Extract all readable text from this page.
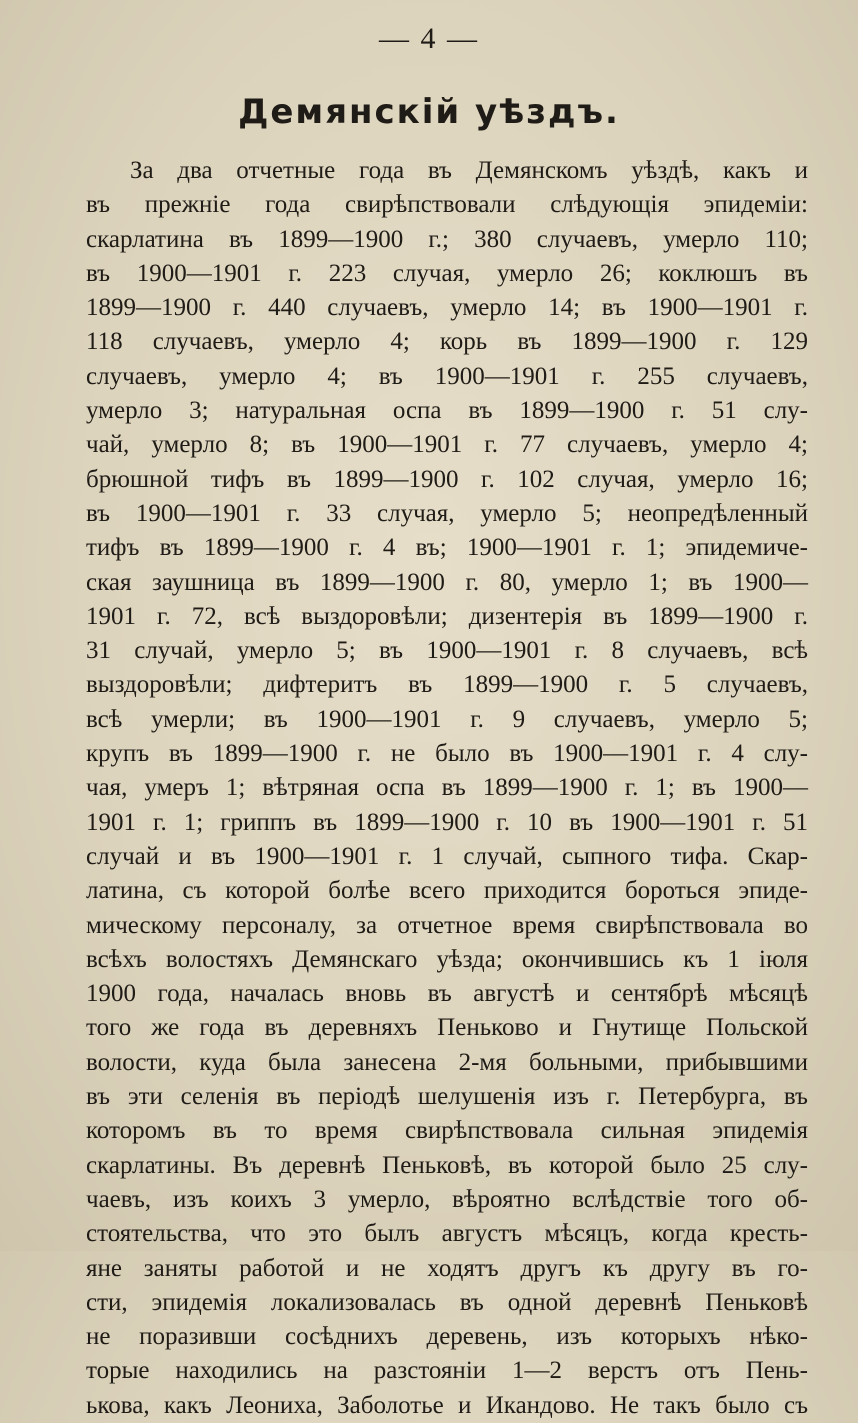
— 4 —
Демянскій уѣздъ.
За два отчетные года въ Демянскомъ уѣздѣ, какъ и
въ прежніе года свирѣпствовали слѣдующія эпидеміи:
скарлатина въ 1899—1900 г.; 380 случаевъ, умерло 110;
въ 1900—1901 г. 223 случая, умерло 26; коклюшъ въ
1899—1900 г. 440 случаевъ, умерло 14; въ 1900—1901 г.
118 случаевъ, умерло 4; корь въ 1899—1900 г. 129
случаевъ, умерло 4; въ 1900—1901 г. 255 случаевъ,
умерло 3; натуральная оспа въ 1899—1900 г. 51 слу-
чай, умерло 8; въ 1900—1901 г. 77 случаевъ, умерло 4;
брюшной тифъ въ 1899—1900 г. 102 случая, умерло 16;
въ 1900—1901 г. 33 случая, умерло 5; неопредѣленный
тифъ въ 1899—1900 г. 4 въ; 1900—1901 г. 1; эпидемиче-
ская заушница въ 1899—1900 г. 80, умерло 1; въ 1900—
1901 г. 72, всѣ выздоровѣли; дизентерія въ 1899—1900 г.
31 случай, умерло 5; въ 1900—1901 г. 8 случаевъ, всѣ
выздоровѣли; дифтеритъ въ 1899—1900 г. 5 случаевъ,
всѣ умерли; въ 1900—1901 г. 9 случаевъ, умерло 5;
крупъ въ 1899—1900 г. не было въ 1900—1901 г. 4 слу-
чая, умеръ 1; вѣтряная оспа въ 1899—1900 г. 1; въ 1900—
1901 г. 1; гриппъ въ 1899—1900 г. 10 въ 1900—1901 г. 51
случай и въ 1900—1901 г. 1 случай, сыпного тифа. Скар-
латина, съ которой болѣе всего приходится бороться эпиде-
мическому персоналу, за отчетное время свирѣпствовала во
всѣхъ волостяхъ Демянскаго уѣзда; окончившись къ 1 іюля
1900 года, началась вновь въ августѣ и сентябрѣ мѣсяцѣ
того же года въ деревняхъ Пеньково и Гнутище Польской
волости, куда была занесена 2-мя больными, прибывшими
въ эти селенія въ періодѣ шелушенія изъ г. Петербурга, въ
которомъ въ то время свирѣпствовала сильная эпидемія
скарлатины. Въ деревнѣ Пеньковѣ, въ которой было 25 слу-
чаевъ, изъ коихъ 3 умерло, вѣроятно вслѣдствіе того об-
стоятельства, что это былъ августъ мѣсяцъ, когда кресть-
яне заняты работой и не ходятъ другъ къ другу въ го-
сти, эпидемія локализовалась въ одной деревнѣ Пеньковѣ
не поразивши сосѣднихъ деревень, изъ которыхъ нѣко-
торые находились на разстояніи 1—2 верстъ отъ Пень-
ькова, какъ Леониха, Заболотье и Икандово. Не такъ было съ
